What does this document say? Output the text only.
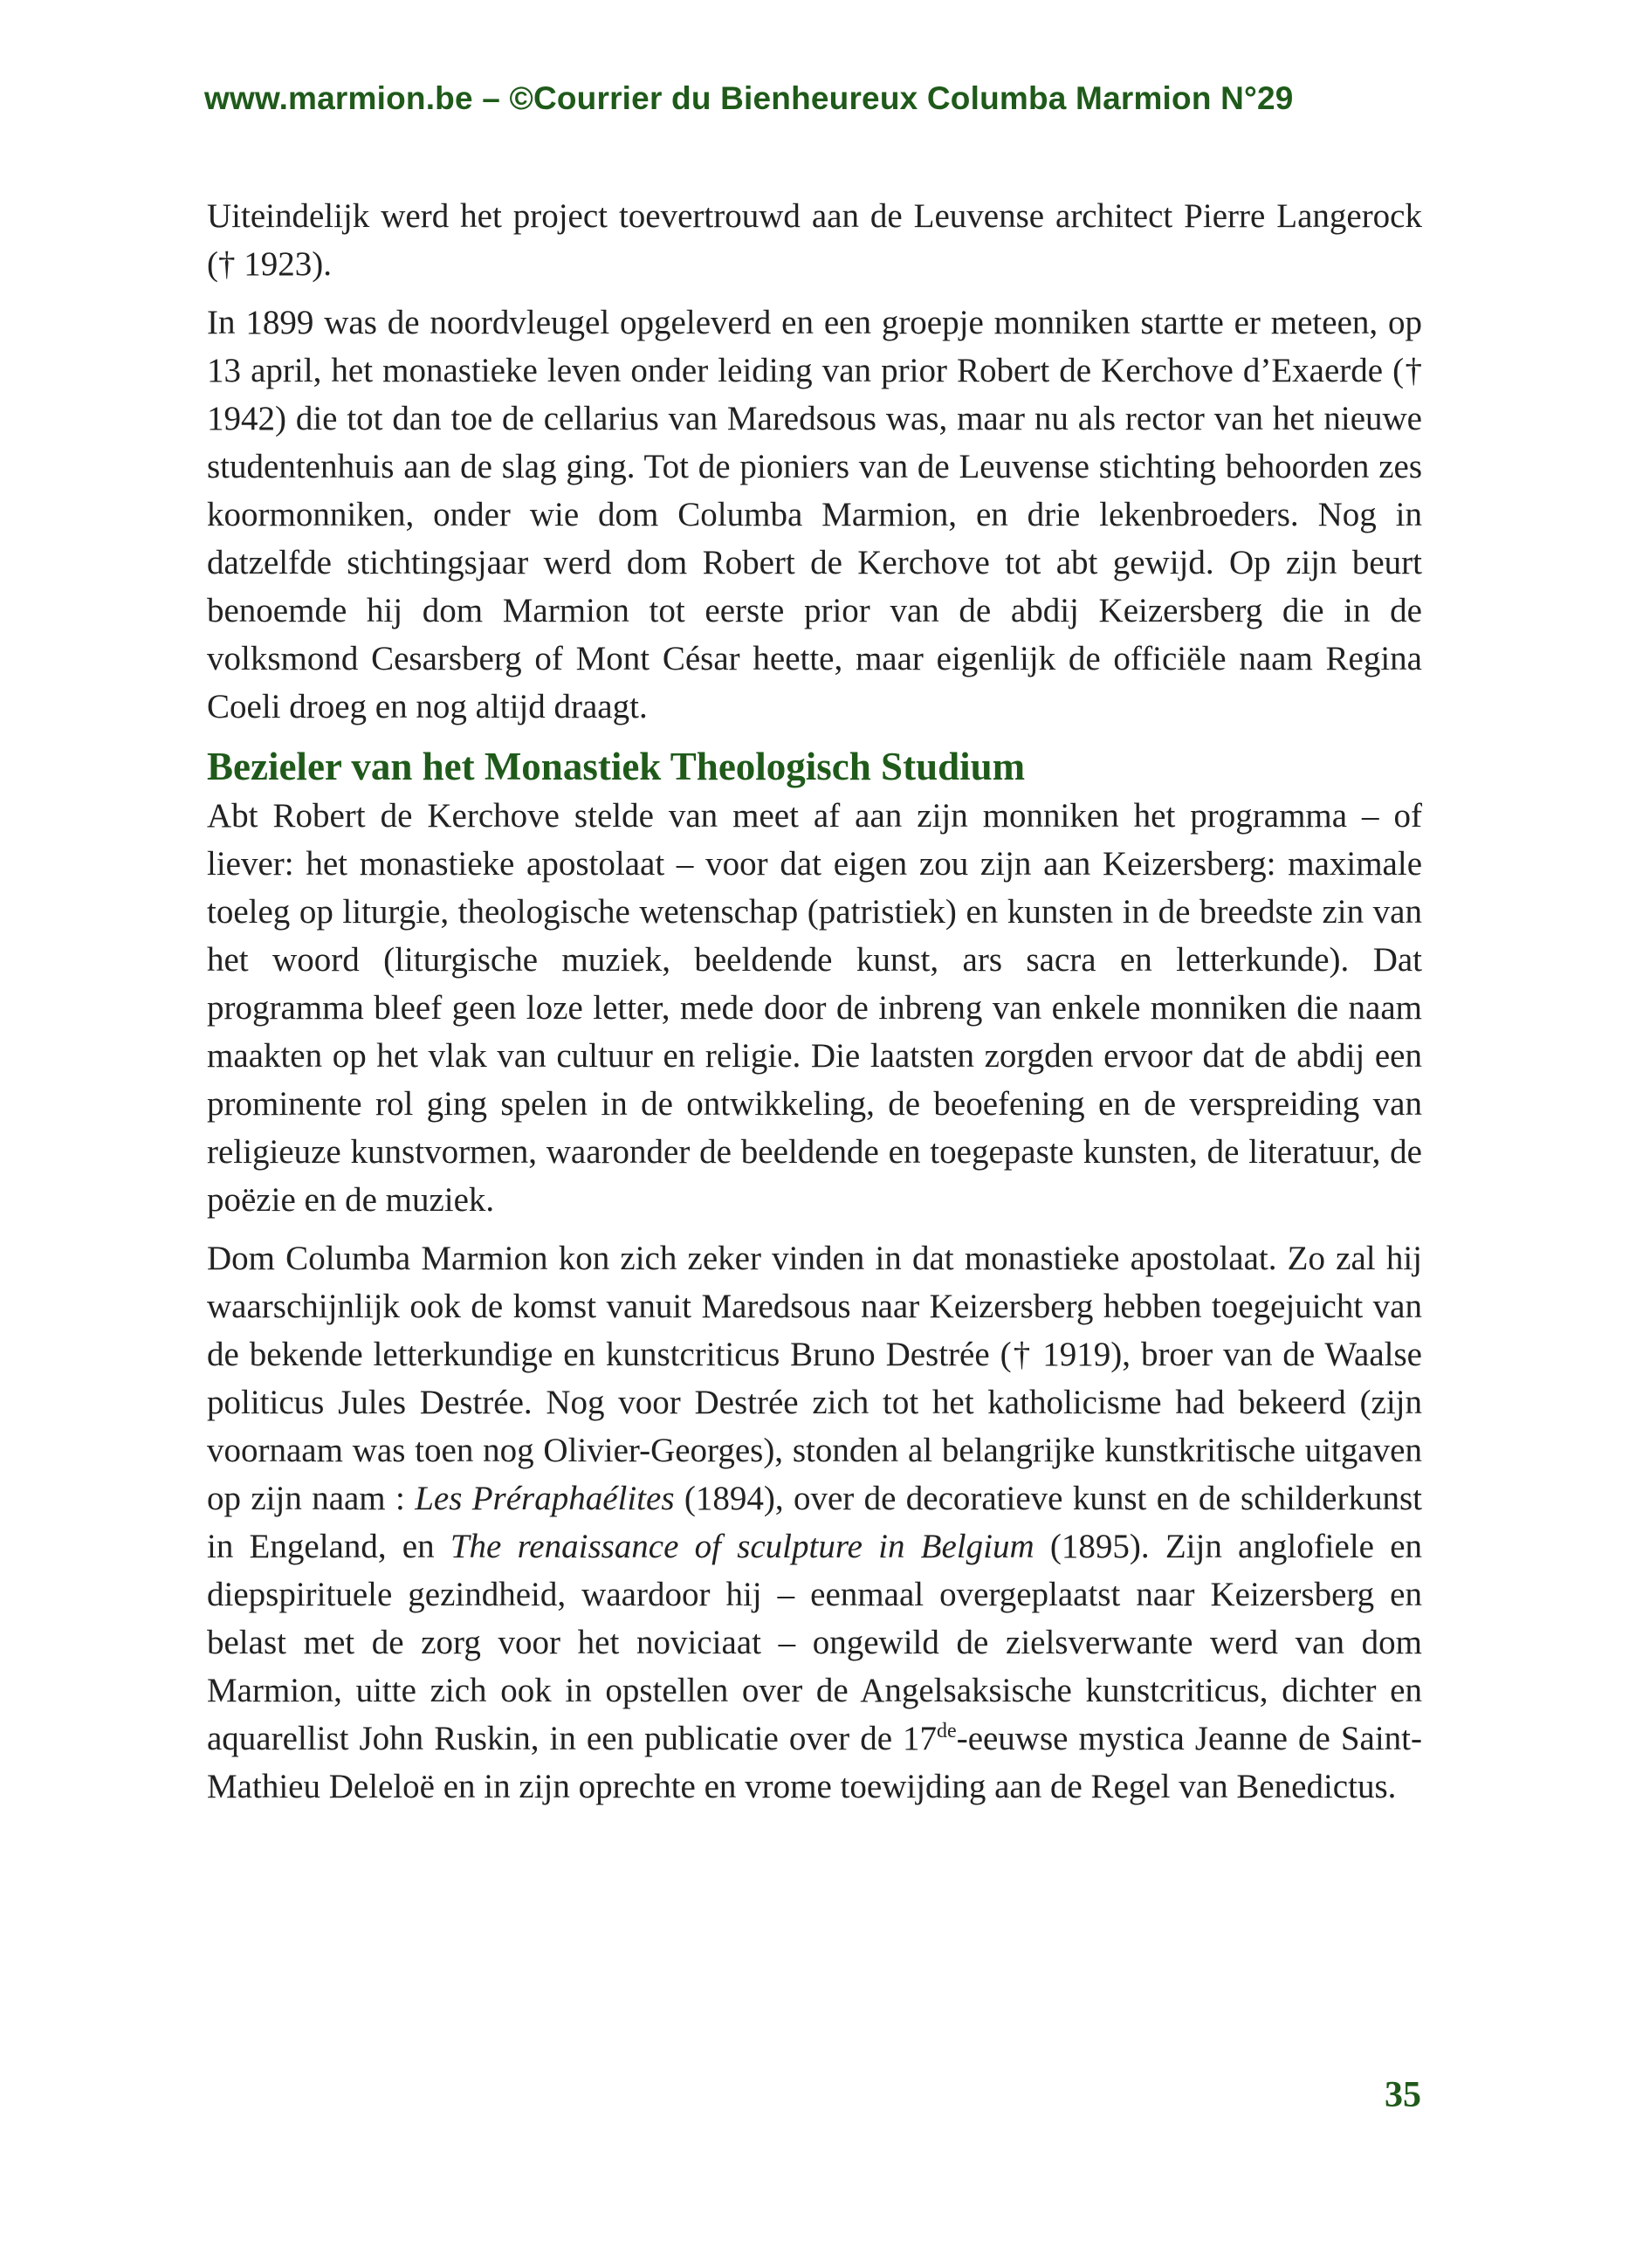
www.marmion.be – ©Courrier du Bienheureux Columba Marmion N°29

Uiteindelijk werd het project toevertrouwd aan de Leuvense architect Pierre Langerock († 1923).

In 1899 was de noordvleugel opgeleverd en een groepje monniken startte er meteen, op 13 april, het monastieke leven onder leiding van prior Robert de Kerchove d’Exaerde († 1942) die tot dan toe de cellarius van Maredsous was, maar nu als rector van het nieuwe studentenhuis aan de slag ging. Tot de pioniers van de Leuvense stichting behoorden zes koormonniken, onder wie dom Columba Marmion, en drie lekenbroeders. Nog in datzelfde stichtingsjaar werd dom Robert de Kerchove tot abt gewijd. Op zijn beurt benoemde hij dom Marmion tot eerste prior van de abdij Keizersberg die in de volksmond Cesarsberg of Mont César heette, maar eigenlijk de officiële naam Regina Coeli droeg en nog altijd draagt.

Bezieler van het Monastiek Theologisch Studium

Abt Robert de Kerchove stelde van meet af aan zijn monniken het programma – of liever: het monastieke apostolaat – voor dat eigen zou zijn aan Keizersberg: maximale toeleg op liturgie, theologische wetenschap (patristiek) en kunsten in de breedste zin van het woord (liturgische muziek, beeldende kunst, ars sacra en letterkunde). Dat programma bleef geen loze letter, mede door de inbreng van enkele monniken die naam maakten op het vlak van cultuur en religie. Die laatsten zorgden ervoor dat de abdij een prominente rol ging spelen in de ontwikkeling, de beoefening en de verspreiding van religieuze kunstvormen, waaronder de beeldende en toegepaste kunsten, de literatuur, de poëzie en de muziek.

Dom Columba Marmion kon zich zeker vinden in dat monastieke apostolaat. Zo zal hij waarschijnlijk ook de komst vanuit Maredsous naar Keizersberg hebben toegejuicht van de bekende letterkundige en kunstcriticus Bruno Destrée († 1919), broer van de Waalse politicus Jules Destrée. Nog voor Destrée zich tot het katholicisme had bekeerd (zijn voornaam was toen nog Olivier-Georges), stonden al belangrijke kunstkritische uitgaven op zijn naam : Les Préraphaélites (1894), over de decoratieve kunst en de schilderkunst in Engeland, en The renaissance of sculpture in Belgium (1895). Zijn anglofiele en diepspirituele gezindheid, waardoor hij – eenmaal overgeplaatst naar Keizersberg en belast met de zorg voor het noviciaat – ongewild de zielsverwante werd van dom Marmion, uitte zich ook in opstellen over de Angelsaksische kunstcriticus, dichter en aquarellist John Ruskin, in een publicatie over de 17de-eeuwse mystica Jeanne de Saint-Mathieu Deleloë en in zijn oprechte en vrome toewijding aan de Regel van Benedictus.

35
